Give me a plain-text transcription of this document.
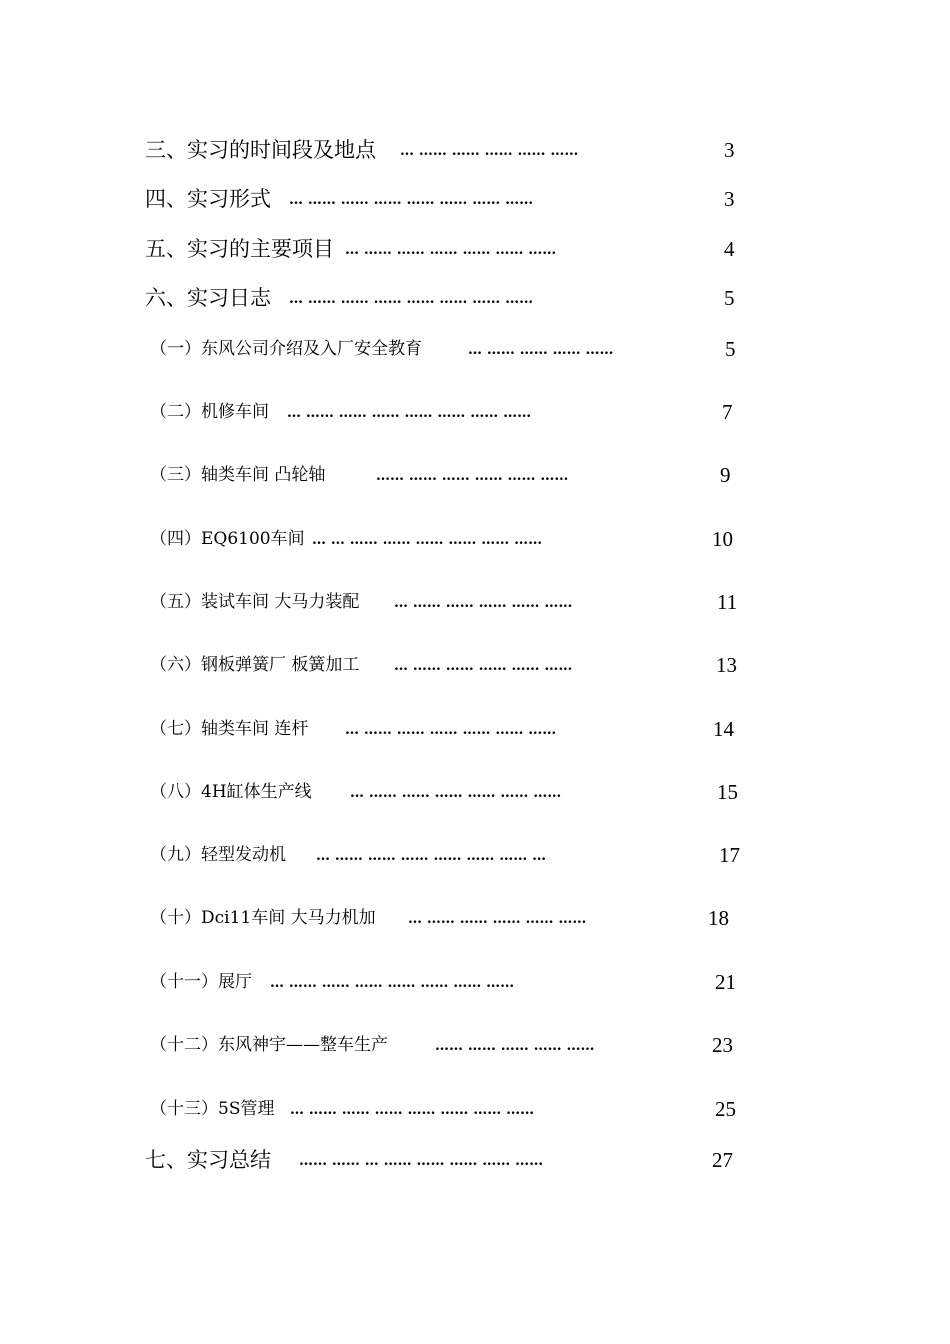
三、实习的时间段及地点 … …… …… …… …… ……	3
四、实习形式 … …… …… …… …… …… …… ……	3
五、实习的主要项目 … …… …… …… …… …… ……	4
六、实习日志 … …… …… …… …… …… …… ……	5
（一）东风公司介绍及入厂安全教育	… …… …… …… ……	5
（二）机修车间 … …… …… …… …… …… …… ……	7
（三）轴类车间 凸轮轴	…… …… …… …… …… ……	9
（四）EQ6100车间 … … …… …… …… …… …… ……	10
（五）装试车间 大马力装配 … …… …… …… …… ……	11
（六）钢板弹簧厂 板簧加工 … …… …… …… …… ……	13
（七）轴类车间 连杆	… …… …… …… …… …… ……	14
（八）4H缸体生产线	… …… …… …… …… …… ……	15
（九）轻型发动机 … …… …… …… …… …… …… …	17
（十）Dci11车间 大马力机加 … …… …… …… …… ……	18
（十一）展厅 … …… …… …… …… …… …… ……	21
（十二）东风神宇——整车生产	…… …… …… …… ……	23
（十三）5S管理 … …… …… …… …… …… …… ……	25
七、实习总结 …… …… … …… …… …… …… ……	27
